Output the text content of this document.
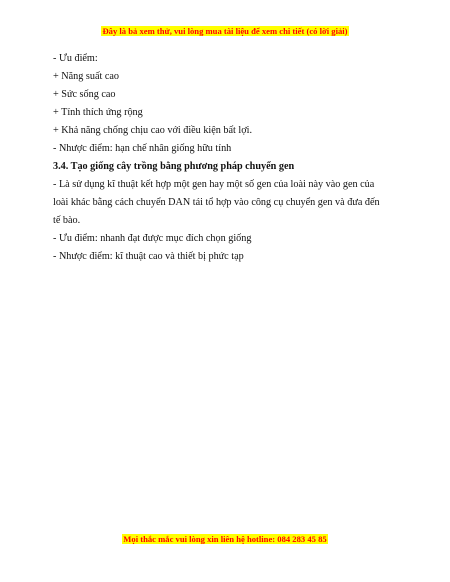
Đây là bả xem thử, vui lòng mua tài liệu để xem chi tiết (có lời giải)
- Ưu điểm:
+ Năng suất cao
+ Sức sống cao
+ Tính thích ứng rộng
+ Khả năng chống chịu cao với điều kiện bất lợi.
- Nhược điểm: hạn chế nhân giống hữu tính
3.4. Tạo giống cây trồng bằng phương pháp chuyển gen
- Là sử dụng kĩ thuật kết hợp một gen hay một số gen của loài này vào gen của
loài khác bằng cách chuyển DAN tái tổ hợp vào công cụ chuyển gen và đưa đến
tế bào.
- Ưu điểm: nhanh đạt được mục đích chọn giống
- Nhược điểm: kĩ thuật cao và thiết bị phức tạp
Mọi thắc mắc vui lòng xin liên hệ hotline: 084 283 45 85
